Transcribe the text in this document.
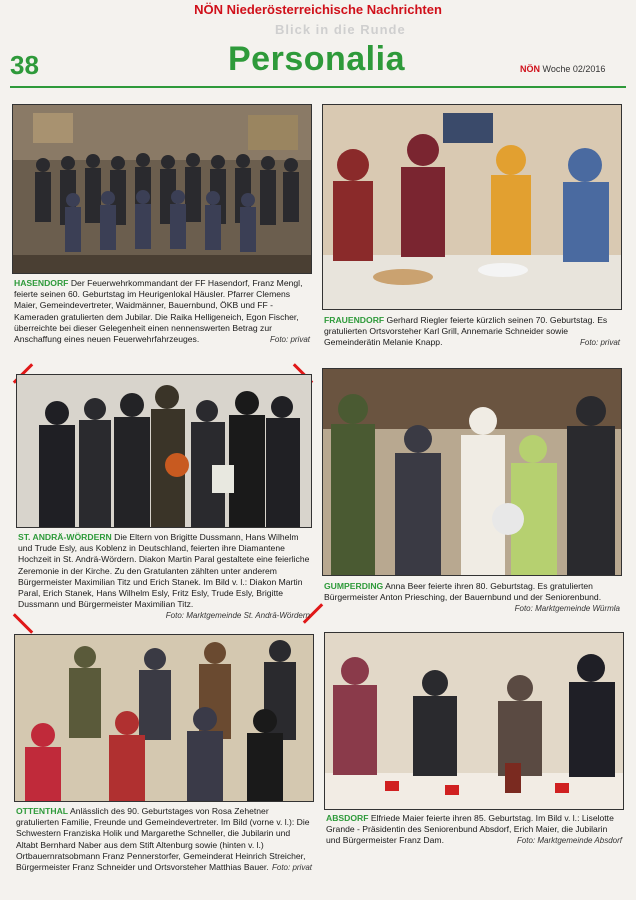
NÖN Niederösterreichische Nachrichten
Blick in die Runde
38	Personalia	NÖN Woche 02/2016
HASENDORF Der Feuerwehrkommandant der FF Hasendorf, Franz Mengl, feierte seinen 60. Geburtstag im Heurigenlokal Häusler. Pfarrer Clemens Maier, Gemeindevertreter, Waidmänner, Bauernbund, ÖKB und FF - Kameraden gratulierten dem Jubilar. Die Raika Helligeneich, Egon Fischer, überreichte bei dieser Gelegenheit einen nennenswerten Betrag zur Anschaffung eines neuen Feuerwehrfahrzeuges.	Foto: privat
FRAUENDORF Gerhard Riegler feierte kürzlich seinen 70. Geburtstag. Es gratulierten Ortsvorsteher Karl Grill, Annemarie Schneider sowie Gemeinderätin Melanie Knapp.	Foto: privat
ST. ANDRÄ-WÖRDERN Die Eltern von Brigitte Dussmann, Hans Wilhelm und Trude Esly, aus Koblenz in Deutschland, feierten ihre Diamantene Hochzeit in St. Andrä-Wördern. Diakon Martin Paral gestaltete eine feierliche Zeremonie in der Kirche. Zu den Gratulanten zählten unter anderem Bürgermeister Maximilian Titz und Erich Stanek. Im Bild v. l.: Diakon Martin Paral, Erich Stanek, Hans Wilhelm Esly, Fritz Esly, Trude Esly, Brigitte Dussmann und Bürgermeister Maximilian Titz.
Foto: Marktgemeinde St. Andrä-Wördern
GUMPERDING Anna Beer feierte ihren 80. Geburtstag. Es gratulierten Bürgermeister Anton Priesching, der Bauernbund und der Seniorenbund.
Foto: Marktgemeinde Würmla
OTTENTHAL Anlässlich des 90. Geburtstages von Rosa Zehetner gratulierten Familie, Freunde und Gemeindevertreter. Im Bild (vorne v. l.): Die Schwestern Franziska Holik und Margarethe Schneller, die Jubilarin und Altabt Bernhard Naber aus dem Stift Altenburg sowie (hinten v. l.) Ortbauernratsobmann Franz Pennerstorfer, Gemeinderat Heinrich Streicher, Bürgermeister Franz Schneider und Ortsvorsteher Matthias Bauer. Foto: privat
ABSDORF Elfriede Maier feierte ihren 85. Geburtstag. Im Bild v. l.: Liselotte Grande - Präsidentin des Seniorenbund Absdorf, Erich Maier, die Jubilarin und Bürgermeister Franz Dam.	Foto: Marktgemeinde Absdorf
